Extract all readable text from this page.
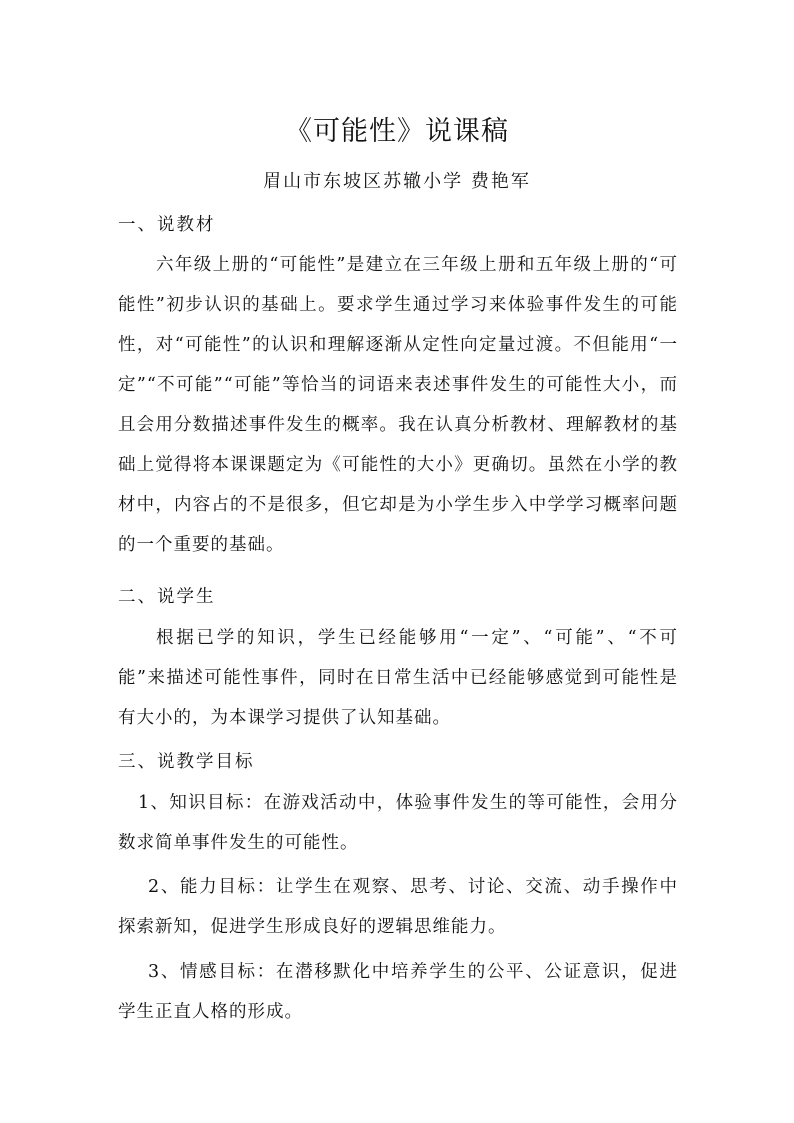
《可能性》说课稿
眉山市东坡区苏辙小学 费艳军
一、说教材
六年级上册的“可能性”是建立在三年级上册和五年级上册的“可能性”初步认识的基础上。要求学生通过学习来体验事件发生的可能性，对“可能性”的认识和理解逐渐从定性向定量过渡。不但能用“一定”“不可能”“可能”等恰当的词语来表述事件发生的可能性大小，而且会用分数描述事件发生的概率。我在认真分析教材、理解教材的基础上觉得将本课课题定为《可能性的大小》更确切。虽然在小学的教材中，内容占的不是很多，但它却是为小学生步入中学学习概率问题的一个重要的基础。
二、说学生
根据已学的知识，学生已经能够用“一定”、“可能”、“不可能”来描述可能性事件，同时在日常生活中已经能够感觉到可能性是有大小的，为本课学习提供了认知基础。
三、说教学目标
1、知识目标：在游戏活动中，体验事件发生的等可能性，会用分数求简单事件发生的可能性。
2、能力目标：让学生在观察、思考、讨论、交流、动手操作中探索新知，促进学生形成良好的逻辑思维能力。
3、情感目标：在潜移默化中培养学生的公平、公证意识，促进学生正直人格的形成。
